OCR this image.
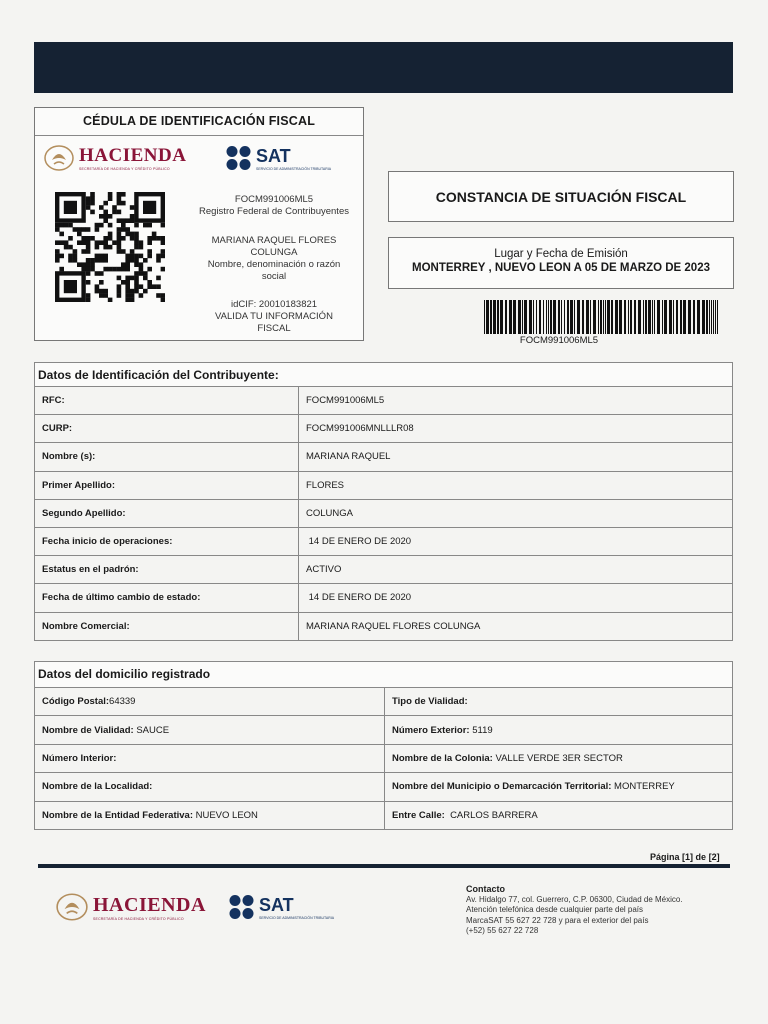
CÉDULA DE IDENTIFICACIÓN FISCAL
HACIENDA
SECRETARÍA DE HACIENDA Y CRÉDITO PÚBLICO
SAT
SERVICIO DE ADMINISTRACIÓN TRIBUTARIA
FOCM991006ML5
Registro Federal de Contribuyentes
MARIANA RAQUEL FLORES
COLUNGA
Nombre, denominación o razón
social
idCIF: 20010183821
VALIDA TU INFORMACIÓN
FISCAL
CONSTANCIA DE SITUACIÓN FISCAL
Lugar y Fecha de Emisión
MONTERREY , NUEVO LEON A 05 DE MARZO DE 2023
FOCM991006ML5
Datos de Identificación del Contribuyente:
RFC:	FOCM991006ML5
CURP:	FOCM991006MNLLLR08
Nombre (s):	MARIANA RAQUEL
Primer Apellido:	FLORES
Segundo Apellido:	COLUNGA
Fecha inicio de operaciones:	14 DE ENERO DE 2020
Estatus en el padrón:	ACTIVO
Fecha de último cambio de estado:	14 DE ENERO DE 2020
Nombre Comercial:	MARIANA RAQUEL FLORES COLUNGA
Datos del domicilio registrado
Código Postal:64339	Tipo de Vialidad:
Nombre de Vialidad: SAUCE	Número Exterior: 5119
Número Interior:	Nombre de la Colonia: VALLE VERDE 3ER SECTOR
Nombre de la Localidad:	Nombre del Municipio o Demarcación Territorial: MONTERREY
Nombre de la Entidad Federativa: NUEVO LEON	Entre Calle:  CARLOS BARRERA
Página [1] de [2]
HACIENDA
SECRETARÍA DE HACIENDA Y CRÉDITO PÚBLICO
SAT
SERVICIO DE ADMINISTRACIÓN TRIBUTARIA
Contacto
Av. Hidalgo 77, col. Guerrero, C.P. 06300, Ciudad de México.
Atención telefónica desde cualquier parte del país
MarcaSAT 55 627 22 728 y para el exterior del país
(+52) 55 627 22 728
